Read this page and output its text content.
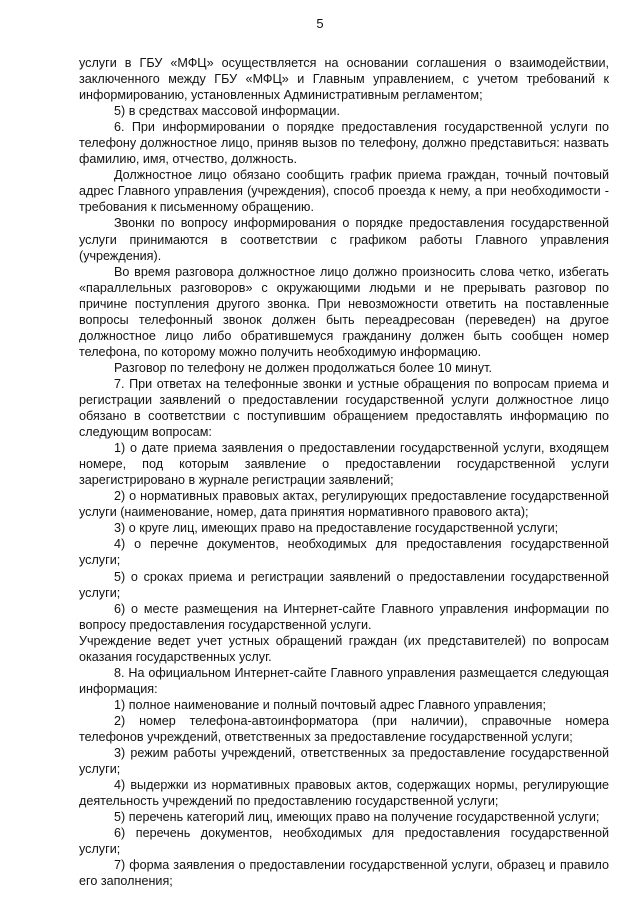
5

услуги в ГБУ «МФЦ» осуществляется на основании соглашения о взаимодействии, заключенного между ГБУ «МФЦ» и Главным управлением, с учетом требований к информированию, установленных Административным регламентом;

5) в средствах массовой информации.

6. При информировании о порядке предоставления государственной услуги по телефону должностное лицо, приняв вызов по телефону, должно представиться: назвать фамилию, имя, отчество, должность.

Должностное лицо обязано сообщить график приема граждан, точный почтовый адрес Главного управления (учреждения), способ проезда к нему, а при необходимости - требования к письменному обращению.

Звонки по вопросу информирования о порядке предоставления государственной услуги принимаются в соответствии с графиком работы Главного управления (учреждения).

Во время разговора должностное лицо должно произносить слова четко, избегать «параллельных разговоров» с окружающими людьми и не прерывать разговор по причине поступления другого звонка. При невозможности ответить на поставленные вопросы телефонный звонок должен быть переадресован (переведен) на другое должностное лицо либо обратившемуся гражданину должен быть сообщен номер телефона, по которому можно получить необходимую информацию.

Разговор по телефону не должен продолжаться более 10 минут.

7. При ответах на телефонные звонки и устные обращения по вопросам приема и регистрации заявлений о предоставлении государственной услуги должностное лицо обязано в соответствии с поступившим обращением предоставлять информацию по следующим вопросам:

1) о дате приема заявления о предоставлении государственной услуги, входящем номере, под которым заявление о предоставлении государственной услуги зарегистрировано в журнале регистрации заявлений;

2) о нормативных правовых актах, регулирующих предоставление государственной услуги (наименование, номер, дата принятия нормативного правового акта);

3) о круге лиц, имеющих право на предоставление государственной услуги;

4) о перечне документов, необходимых для предоставления государственной услуги;

5) о сроках приема и регистрации заявлений о предоставлении государственной услуги;

6) о месте размещения на Интернет-сайте Главного управления информации по вопросу предоставления государственной услуги.

Учреждение ведет учет устных обращений граждан (их представителей) по вопросам оказания государственных услуг.

8. На официальном Интернет-сайте Главного управления размещается следующая информация:

1) полное наименование и полный почтовый адрес Главного управления;

2) номер телефона-автоинформатора (при наличии), справочные номера телефонов учреждений, ответственных за предоставление государственной услуги;

3) режим работы учреждений, ответственных за предоставление государственной услуги;

4) выдержки из нормативных правовых актов, содержащих нормы, регулирующие деятельность учреждений по предоставлению государственной услуги;

5) перечень категорий лиц, имеющих право на получение государственной услуги;

6) перечень документов, необходимых для предоставления государственной услуги;

7) форма заявления о предоставлении государственной услуги, образец и правило его заполнения;
